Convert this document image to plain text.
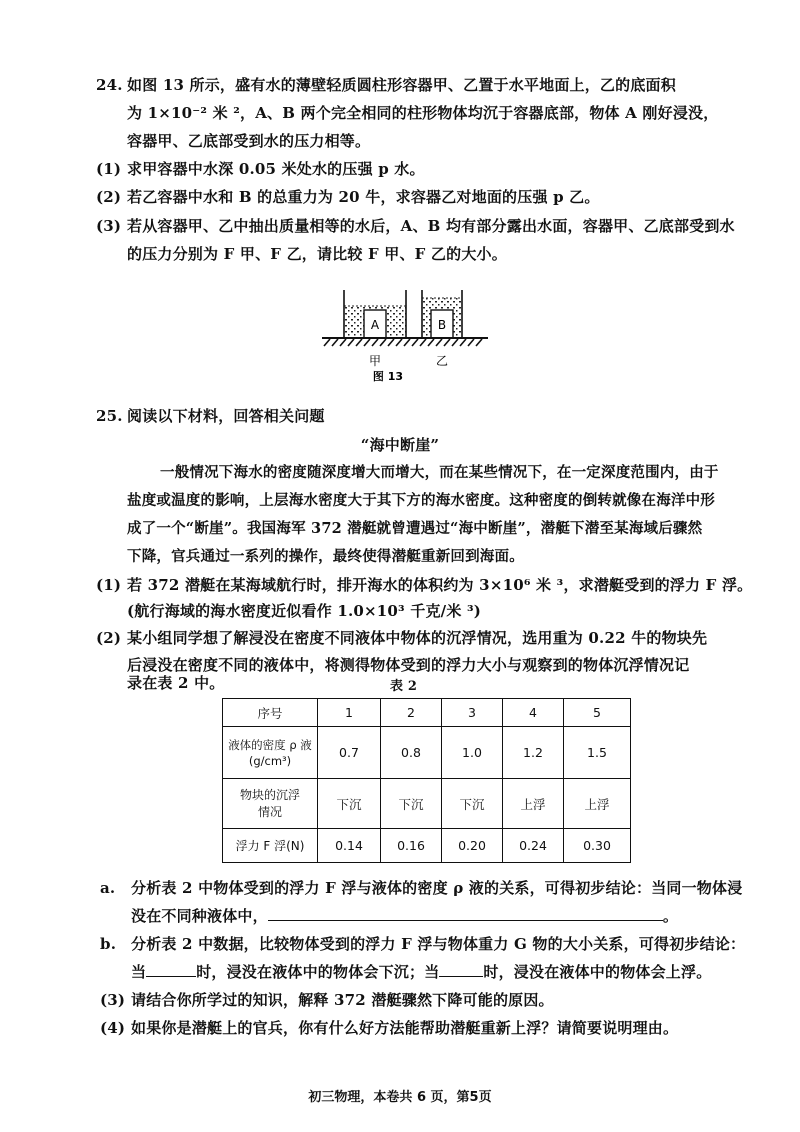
24. 如图 13 所示，盛有水的薄壁轻质圆柱形容器甲、乙置于水平地面上，乙的底面积
为 1×10⁻² 米 ²，A、B 两个完全相同的柱形物体均沉于容器底部，物体 A 刚好浸没，
容器甲、乙底部受到水的压力相等。
(1) 求甲容器中水深 0.05 米处水的压强 p 水。
(2) 若乙容器中水和 B 的总重力为 20 牛，求容器乙对地面的压强 p 乙。
(3) 若从容器甲、乙中抽出质量相等的水后，A、B 均有部分露出水面，容器甲、乙底部受到水
的压力分别为 F 甲、F 乙，请比较 F 甲、F 乙的大小。
A	B
甲	乙
图 13
25. 阅读以下材料，回答相关问题
“海中断崖”
一般情况下海水的密度随深度增大而增大，而在某些情况下，在一定深度范围内，由于
盐度或温度的影响，上层海水密度大于其下方的海水密度。这种密度的倒转就像在海洋中形
成了一个“断崖”。我国海军 372 潜艇就曾遭遇过“海中断崖”，潜艇下潜至某海域后骤然
下降，官兵通过一系列的操作，最终使得潜艇重新回到海面。
(1) 若 372 潜艇在某海域航行时，排开海水的体积约为 3×10⁶ 米 ³，求潜艇受到的浮力 F 浮。
(航行海域的海水密度近似看作 1.0×10³ 千克/米 ³)
(2) 某小组同学想了解浸没在密度不同液体中物体的沉浮情况，选用重为 0.22 牛的物块先
后浸没在密度不同的液体中，将测得物体受到的浮力大小与观察到的物体沉浮情况记
录在表 2 中。	表 2
序号	1	2	3	4	5
液体的密度 ρ 液(g/cm³)	0.7	0.8	1.0	1.2	1.5
物块的沉浮情况	下沉	下沉	下沉	上浮	上浮
浮力 F 浮(N)	0.14	0.16	0.20	0.24	0.30
a. 分析表 2 中物体受到的浮力 F 浮与液体的密度 ρ 液的关系，可得初步结论：当同一物体浸
没在不同种液体中，	。
b. 分析表 2 中数据，比较物体受到的浮力 F 浮与物体重力 G 物的大小关系，可得初步结论：
当	时，浸没在液体中的物体会下沉；当	时，浸没在液体中的物体会上浮。
(3) 请结合你所学过的知识，解释 372 潜艇骤然下降可能的原因。
(4) 如果你是潜艇上的官兵，你有什么好方法能帮助潜艇重新上浮？请简要说明理由。
初三物理，本卷共 6 页，第5页
